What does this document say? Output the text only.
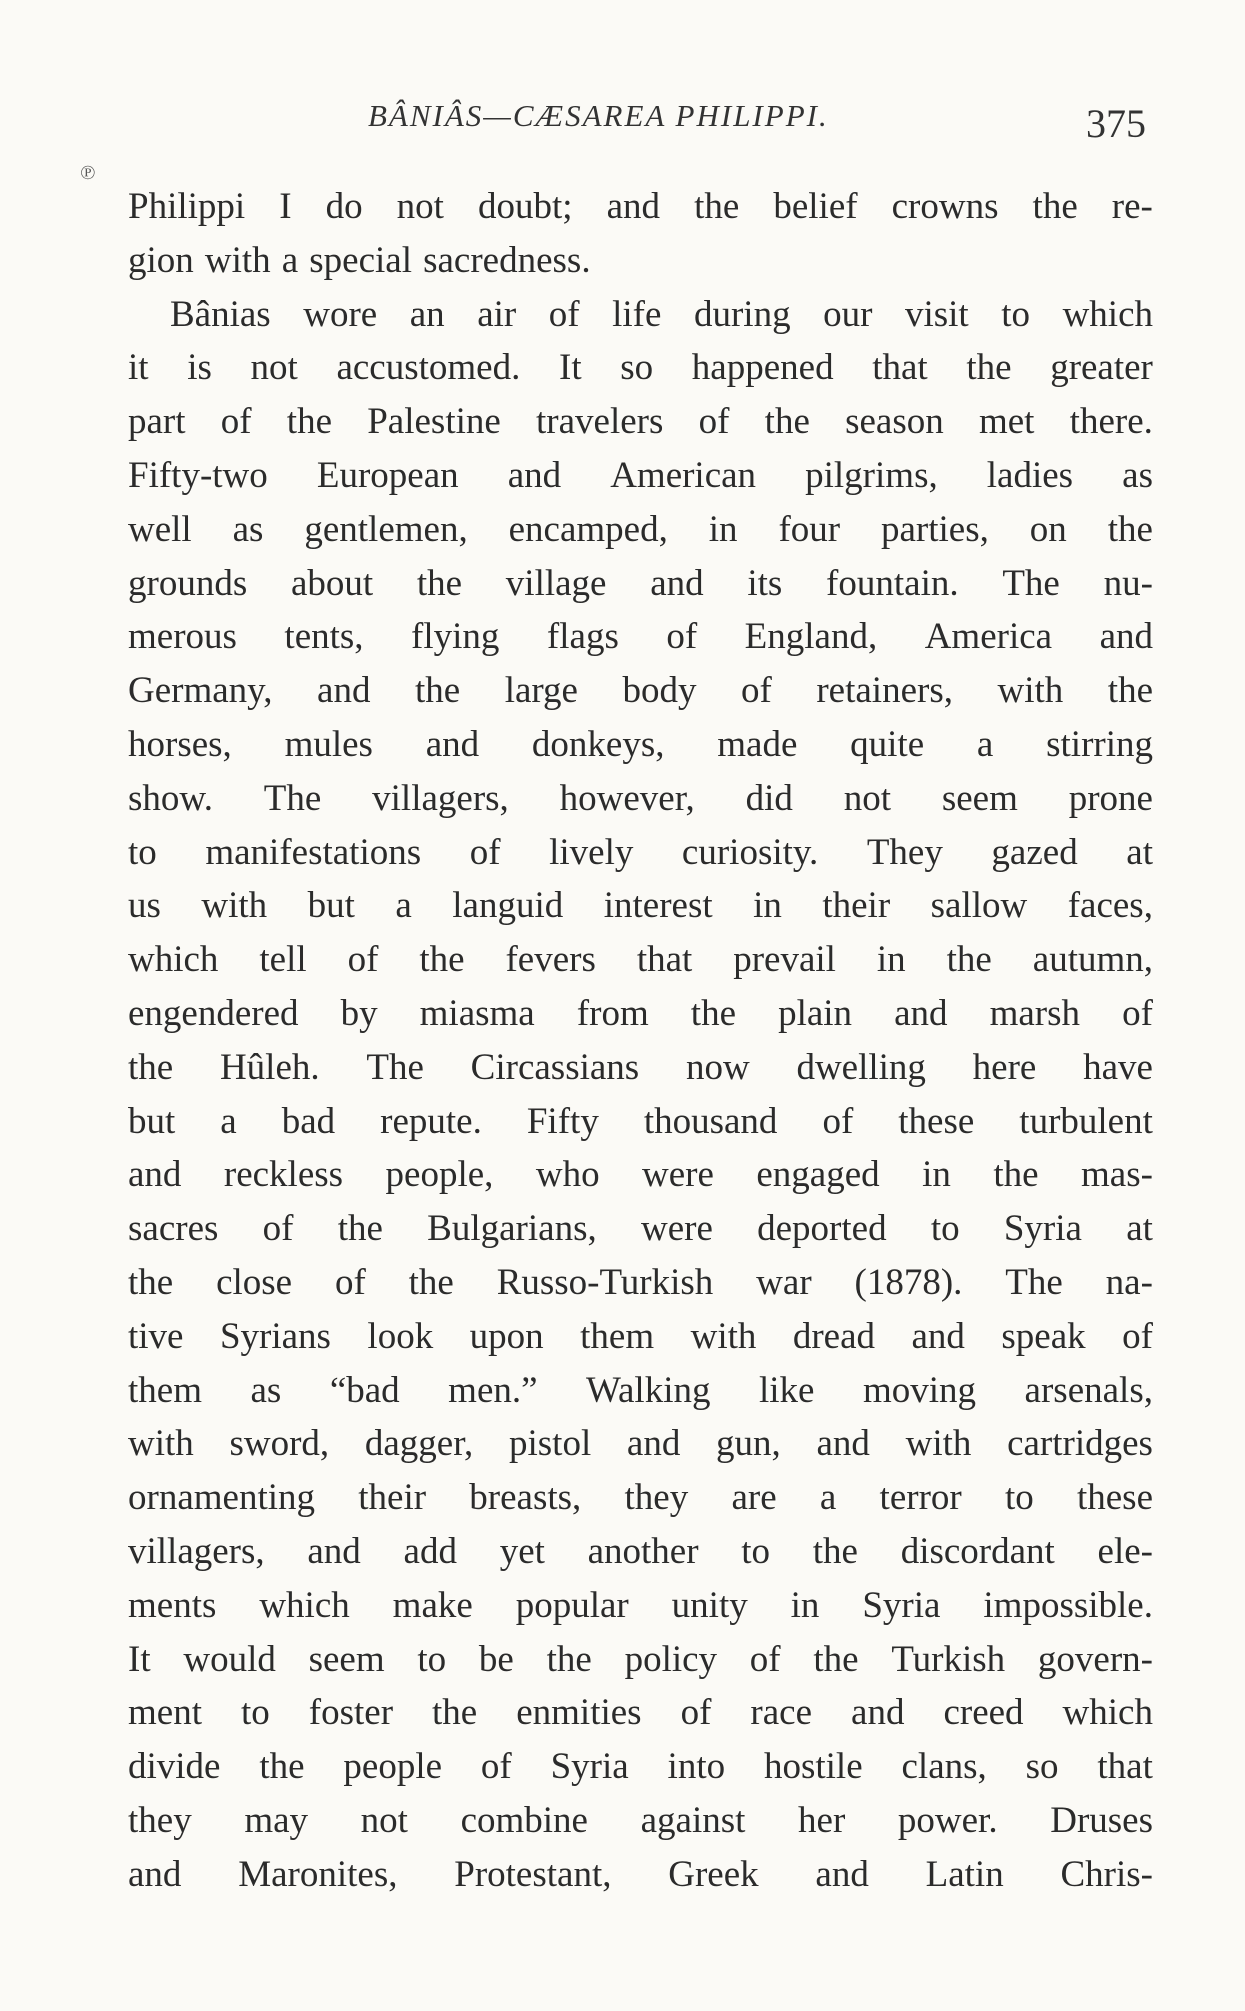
BÂNIÂS—CÆSAREA PHILIPPI.	375
℗
Philippi I do not doubt; and the belief crowns the re-
gion with a special sacredness.
Bânias wore an air of life during our visit to which
it is not accustomed. It so happened that the greater
part of the Palestine travelers of the season met there.
Fifty-two European and American pilgrims, ladies as
well as gentlemen, encamped, in four parties, on the
grounds about the village and its fountain. The nu-
merous tents, flying flags of England, America and
Germany, and the large body of retainers, with the
horses, mules and donkeys, made quite a stirring
show. The villagers, however, did not seem prone
to manifestations of lively curiosity. They gazed at
us with but a languid interest in their sallow faces,
which tell of the fevers that prevail in the autumn,
engendered by miasma from the plain and marsh of
the Hûleh. The Circassians now dwelling here have
but a bad repute. Fifty thousand of these turbulent
and reckless people, who were engaged in the mas-
sacres of the Bulgarians, were deported to Syria at
the close of the Russo-Turkish war (1878). The na-
tive Syrians look upon them with dread and speak of
them as “bad men.” Walking like moving arsenals,
with sword, dagger, pistol and gun, and with cartridges
ornamenting their breasts, they are a terror to these
villagers, and add yet another to the discordant ele-
ments which make popular unity in Syria impossible.
It would seem to be the policy of the Turkish govern-
ment to foster the enmities of race and creed which
divide the people of Syria into hostile clans, so that
they may not combine against her power. Druses
and Maronites, Protestant, Greek and Latin Chris-
